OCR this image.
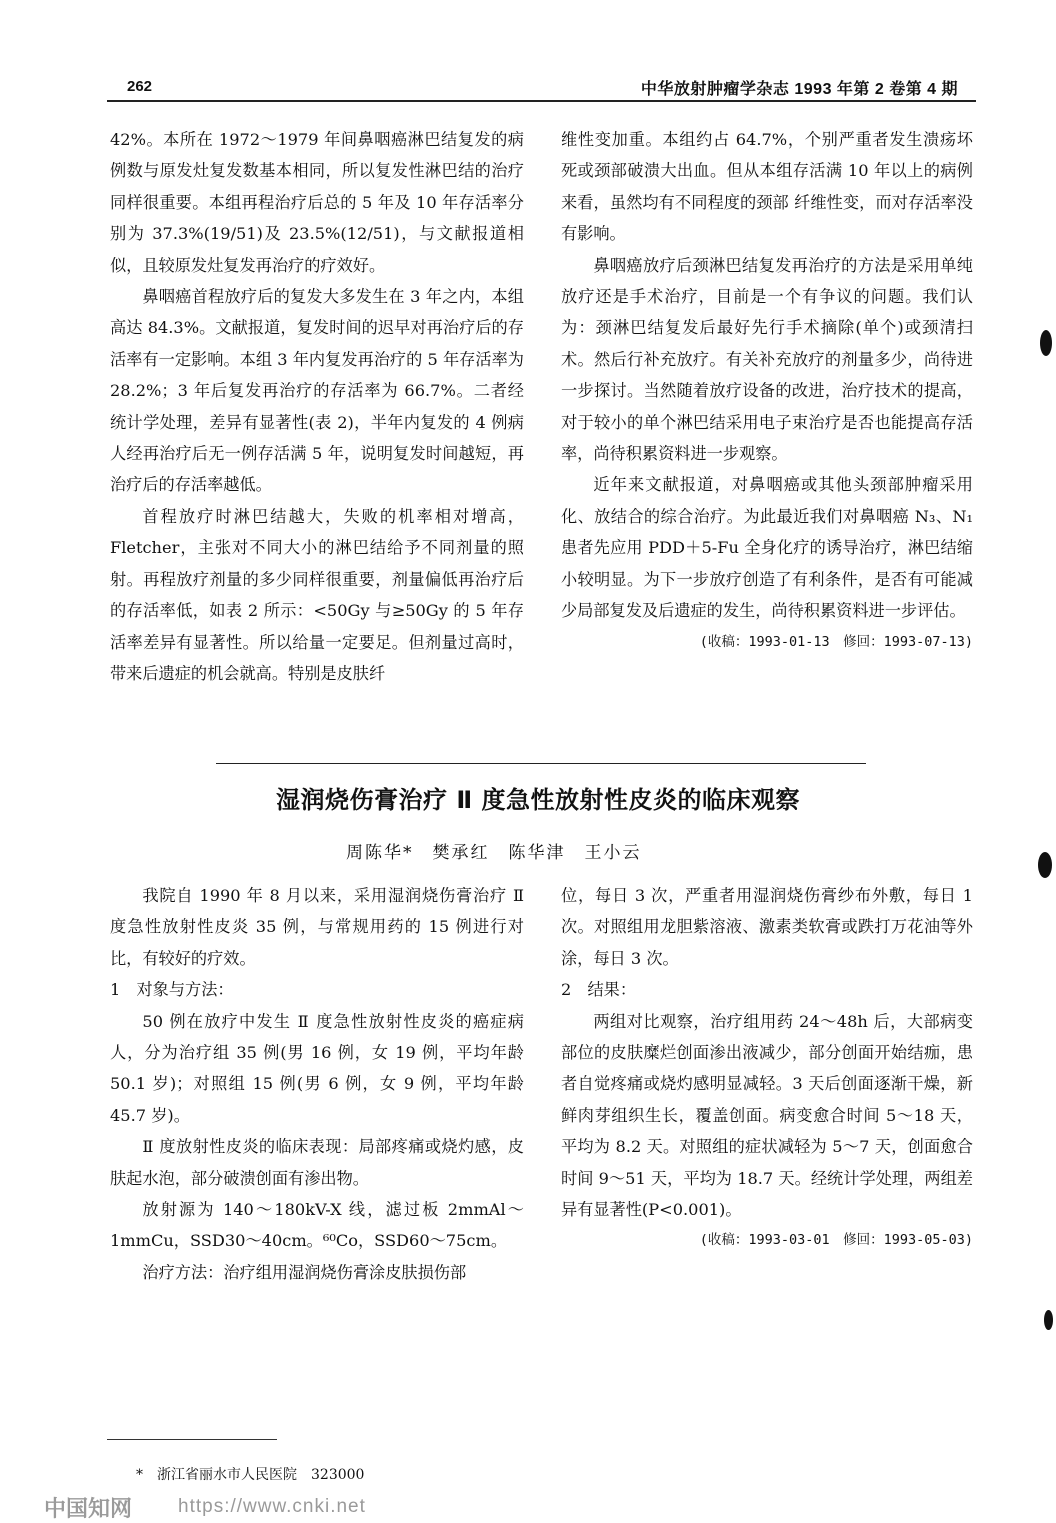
262	中华放射肿瘤学杂志 1993 年第 2 卷第 4 期

42%。本所在 1972～1979 年间鼻咽癌淋巴结复发的病例数与原发灶复发数基本相同，所以复发性淋巴结的治疗同样很重要。本组再程治疗后总的 5 年及 10 年存活率分别为 37.3%(19/51)及 23.5%(12/51)，与文献报道相似，且较原发灶复发再治疗的疗效好。

鼻咽癌首程放疗后的复发大多发生在 3 年之内，本组高达 84.3%。文献报道，复发时间的迟早对再治疗后的存活率有一定影响。本组 3 年内复发再治疗的 5 年存活率为 28.2%；3 年后复发再治疗的存活率为 66.7%。二者经统计学处理，差异有显著性(表 2)，半年内复发的 4 例病人经再治疗后无一例存活满 5 年，说明复发时间越短，再治疗后的存活率越低。

首程放疗时淋巴结越大，失败的机率相对增高，Fletcher，主张对不同大小的淋巴结给予不同剂量的照射。再程放疗剂量的多少同样很重要，剂量偏低再治疗后的存活率低，如表 2 所示：<50Gy 与≥50Gy 的 5 年存活率差异有显著性。所以给量一定要足。但剂量过高时，带来后遗症的机会就高。特别是皮肤纤

维性变加重。本组约占 64.7%，个别严重者发生溃疡坏死或颈部破溃大出血。但从本组存活满 10 年以上的病例来看，虽然均有不同程度的颈部 纤维性变，而对存活率没有影响。

鼻咽癌放疗后颈淋巴结复发再治疗的方法是采用单纯放疗还是手术治疗，目前是一个有争议的问题。我们认为：颈淋巴结复发后最好先行手术摘除(单个)或颈清扫术。然后行补充放疗。有关补充放疗的剂量多少，尚待进一步探讨。当然随着放疗设备的改进，治疗技术的提高，对于较小的单个淋巴结采用电子束治疗是否也能提高存活率，尚待积累资料进一步观察。

近年来文献报道，对鼻咽癌或其他头颈部肿瘤采用化、放结合的综合治疗。为此最近我们对鼻咽癌 N₃、N₁ 患者先应用 PDD＋5-Fu 全身化疗的诱导治疗，淋巴结缩小较明显。为下一步放疗创造了有利条件，是否有可能减少局部复发及后遗症的发生，尚待积累资料进一步评估。

(收稿：1993-01-13　修回：1993-07-13)
湿润烧伤膏治疗 Ⅱ 度急性放射性皮炎的临床观察
周陈华*　樊承红　陈华津　王小云

我院自 1990 年 8 月以来，采用湿润烧伤膏治疗 Ⅱ 度急性放射性皮炎 35 例，与常规用药的 15 例进行对比，有较好的疗效。

1　对象与方法：

50 例在放疗中发生 Ⅱ 度急性放射性皮炎的癌症病人，分为治疗组 35 例(男 16 例，女 19 例，平均年龄 50.1 岁)；对照组 15 例(男 6 例，女 9 例，平均年龄 45.7 岁)。

Ⅱ 度放射性皮炎的临床表现：局部疼痛或烧灼感，皮肤起水泡，部分破溃创面有渗出物。

放射源为 140～180kV-X 线，滤过板 2mmAl～1mmCu，SSD30～40cm。⁶⁰Co，SSD60～75cm。

治疗方法：治疗组用湿润烧伤膏涂皮肤损伤部

位，每日 3 次，严重者用湿润烧伤膏纱布外敷，每日 1 次。对照组用龙胆紫溶液、激素类软膏或跌打万花油等外涂，每日 3 次。

2　结果：

两组对比观察，治疗组用药 24～48h 后，大部病变部位的皮肤糜烂创面渗出液减少，部分创面开始结痂，患者自觉疼痛或烧灼感明显减轻。3 天后创面逐渐干燥，新鲜肉芽组织生长，覆盖创面。病变愈合时间 5～18 天，平均为 8.2 天。对照组的症状减轻为 5～7 天，创面愈合时间 9～51 天，平均为 18.7 天。经统计学处理，两组差异有显著性(P<0.001)。

(收稿：1993-03-01　修回：1993-05-03)
*　浙江省丽水市人民医院　323000
中国知网 https://www.cnki.net
